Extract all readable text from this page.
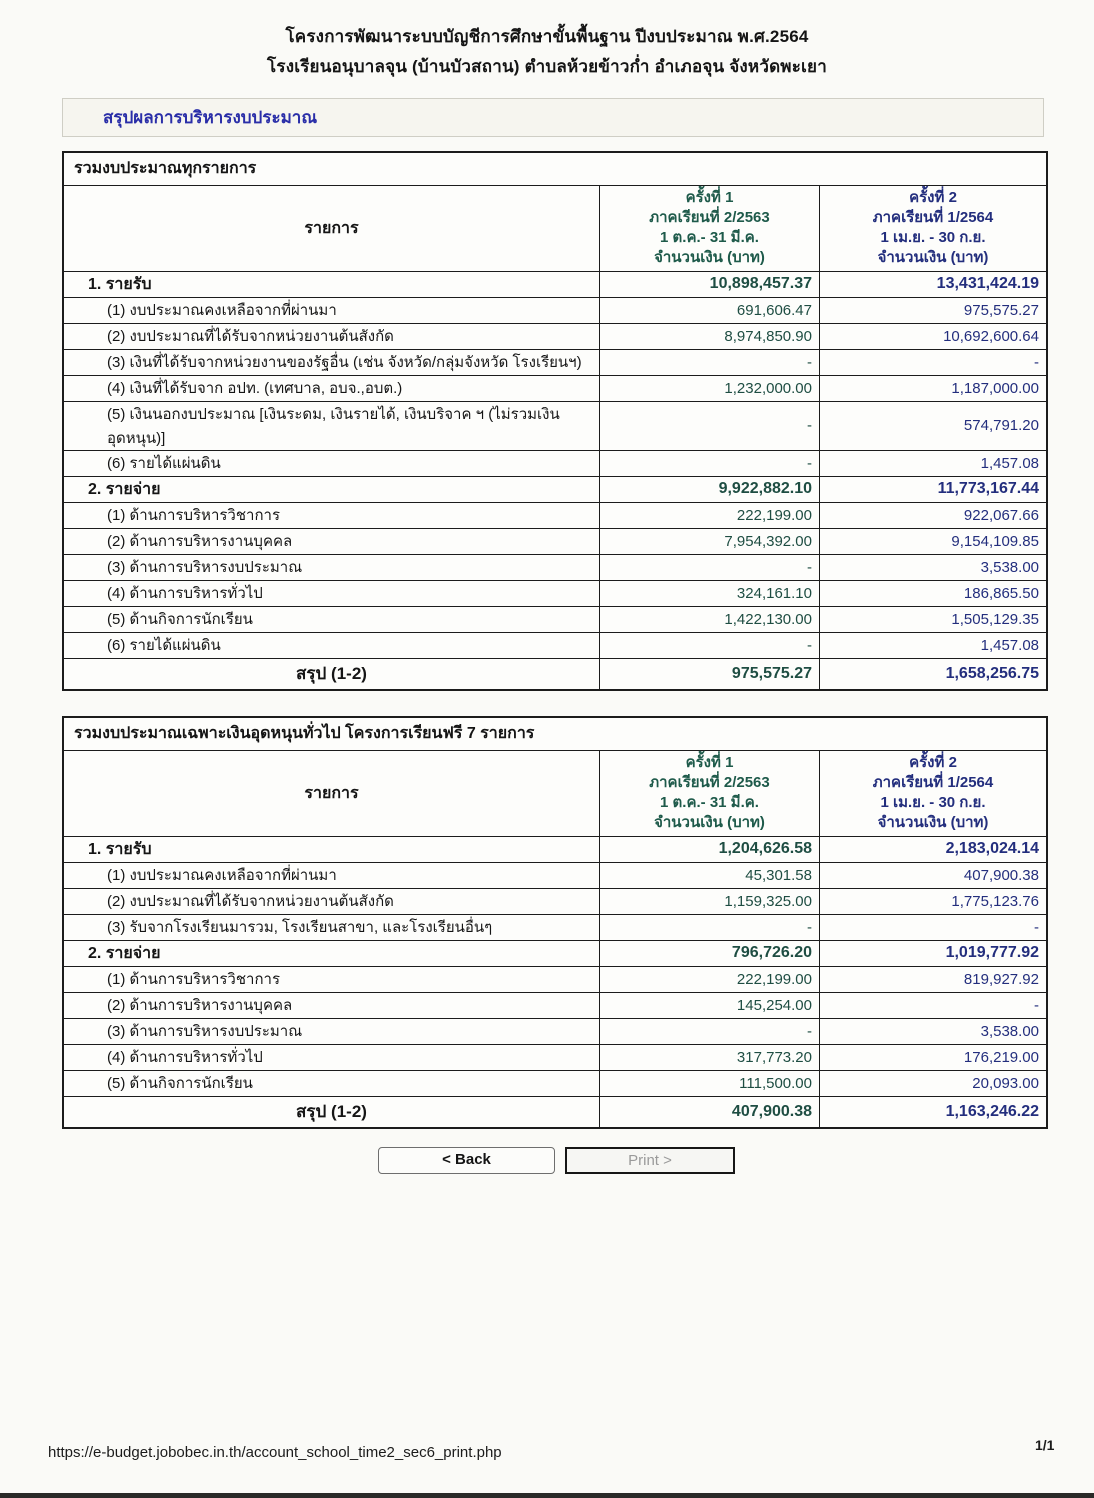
โครงการพัฒนาระบบบัญชีการศึกษาขั้นพื้นฐาน ปีงบประมาณ พ.ศ.2564
โรงเรียนอนุบาลจุน (บ้านบัวสถาน) ตำบลห้วยข้าวก่ำ อำเภอจุน จังหวัดพะเยา
สรุปผลการบริหารงบประมาณ
รวมงบประมาณทุกรายการ
รายการ
ครั้งที่ 1
ภาคเรียนที่ 2/2563
1 ต.ค.- 31 มี.ค.
จำนวนเงิน (บาท)
ครั้งที่ 2
ภาคเรียนที่ 1/2564
1 เม.ย. - 30 ก.ย.
จำนวนเงิน (บาท)
1. รายรับ	10,898,457.37	13,431,424.19
(1) งบประมาณคงเหลือจากที่ผ่านมา	691,606.47	975,575.27
(2) งบประมาณที่ได้รับจากหน่วยงานต้นสังกัด	8,974,850.90	10,692,600.64
(3) เงินที่ได้รับจากหน่วยงานของรัฐอื่น (เช่น จังหวัด/กลุ่มจังหวัด โรงเรียนฯ)	-	-
(4) เงินที่ได้รับจาก อปท. (เทศบาล, อบจ.,อบต.)	1,232,000.00	1,187,000.00
(5) เงินนอกงบประมาณ [เงินระดม, เงินรายได้, เงินบริจาค ฯ (ไม่รวมเงินอุดหนุน)]
-	574,791.20
(6) รายได้แผ่นดิน	-	1,457.08
2. รายจ่าย	9,922,882.10	11,773,167.44
(1) ด้านการบริหารวิชาการ	222,199.00	922,067.66
(2) ด้านการบริหารงานบุคคล	7,954,392.00	9,154,109.85
(3) ด้านการบริหารงบประมาณ	-	3,538.00
(4) ด้านการบริหารทั่วไป	324,161.10	186,865.50
(5) ด้านกิจการนักเรียน	1,422,130.00	1,505,129.35
(6) รายได้แผ่นดิน	-	1,457.08
สรุป (1-2)	975,575.27	1,658,256.75
รวมงบประมาณเฉพาะเงินอุดหนุนทั่วไป โครงการเรียนฟรี 7 รายการ
รายการ
ครั้งที่ 1
ภาคเรียนที่ 2/2563
1 ต.ค.- 31 มี.ค.
จำนวนเงิน (บาท)
ครั้งที่ 2
ภาคเรียนที่ 1/2564
1 เม.ย. - 30 ก.ย.
จำนวนเงิน (บาท)
1. รายรับ	1,204,626.58	2,183,024.14
(1) งบประมาณคงเหลือจากที่ผ่านมา	45,301.58	407,900.38
(2) งบประมาณที่ได้รับจากหน่วยงานต้นสังกัด	1,159,325.00	1,775,123.76
(3) รับจากโรงเรียนมารวม, โรงเรียนสาขา, และโรงเรียนอื่นๆ	-	-
2. รายจ่าย	796,726.20	1,019,777.92
(1) ด้านการบริหารวิชาการ	222,199.00	819,927.92
(2) ด้านการบริหารงานบุคคล	145,254.00	-
(3) ด้านการบริหารงบประมาณ	-	3,538.00
(4) ด้านการบริหารทั่วไป	317,773.20	176,219.00
(5) ด้านกิจการนักเรียน	111,500.00	20,093.00
สรุป (1-2)	407,900.38	1,163,246.22
< Back	Print >
https://e-budget.jobobec.in.th/account_school_time2_sec6_print.php	1/1
